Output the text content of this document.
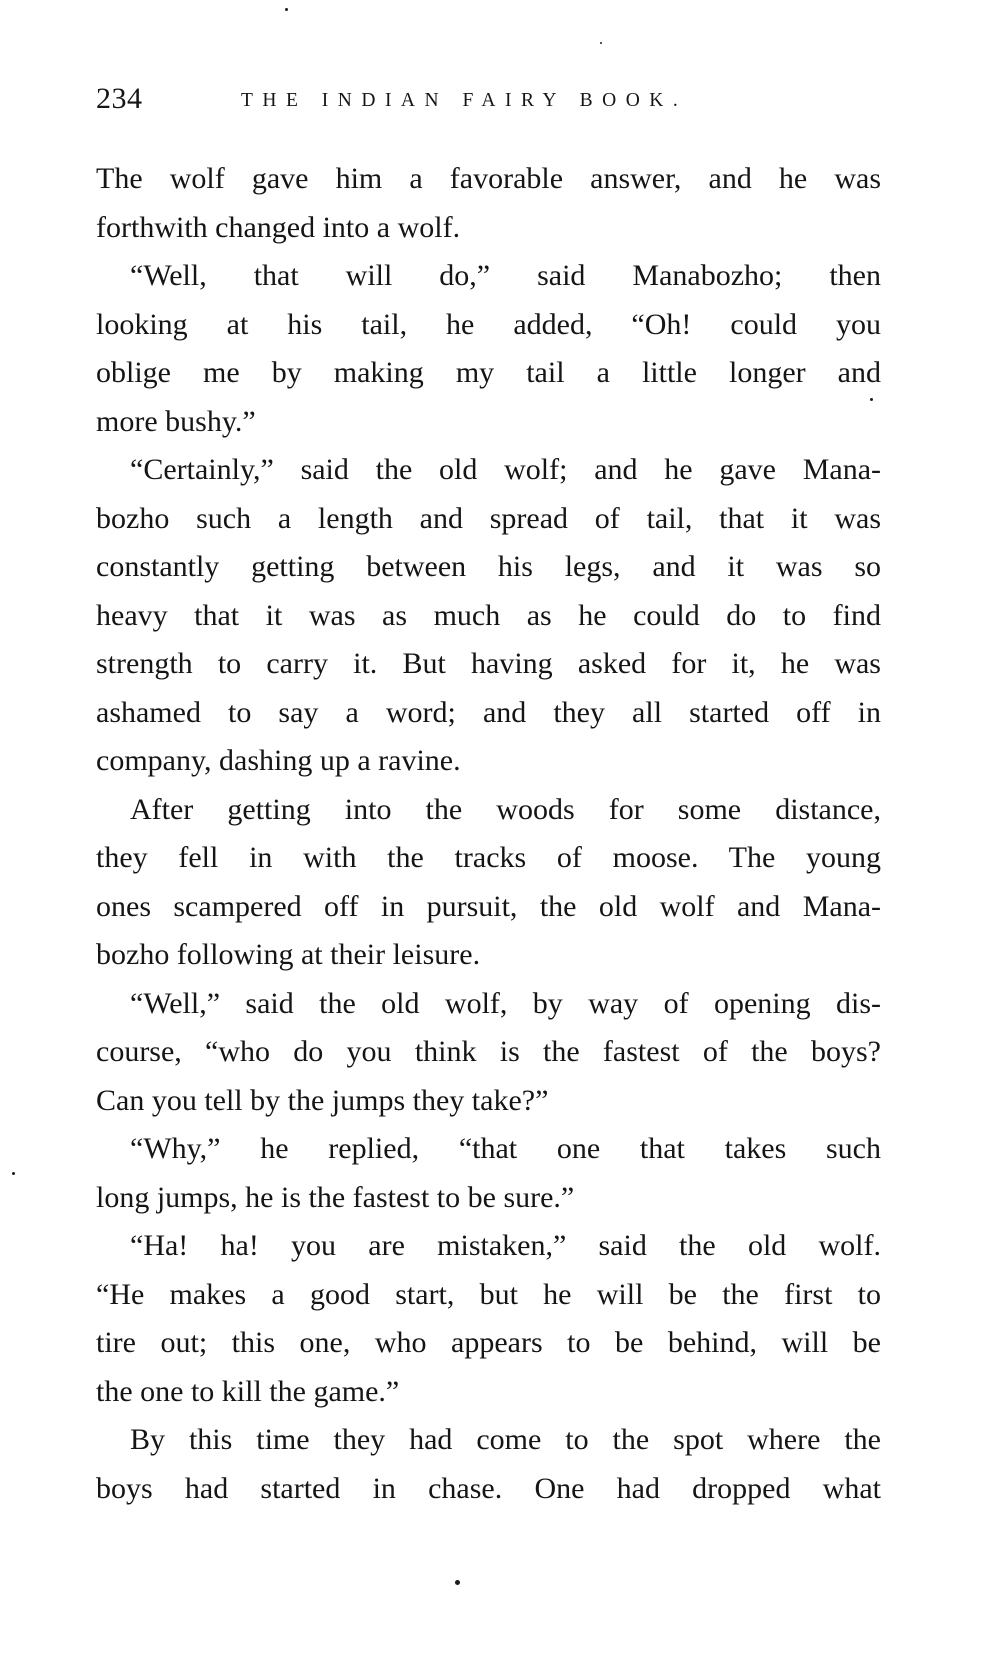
234	THE INDIAN FAIRY BOOK.
The wolf gave him a favorable answer, and he was
forthwith changed into a wolf.
“Well, that will do,” said Manabozho; then
looking at his tail, he added, “Oh! could you
oblige me by making my tail a little longer and
more bushy.”
“Certainly,” said the old wolf; and he gave Mana-
bozho such a length and spread of tail, that it was
constantly getting between his legs, and it was so
heavy that it was as much as he could do to find
strength to carry it. But having asked for it, he was
ashamed to say a word; and they all started off in
company, dashing up a ravine.
After getting into the woods for some distance,
they fell in with the tracks of moose. The young
ones scampered off in pursuit, the old wolf and Mana-
bozho following at their leisure.
“Well,” said the old wolf, by way of opening dis-
course, “who do you think is the fastest of the boys?
Can you tell by the jumps they take?”
“Why,” he replied, “that one that takes such
long jumps, he is the fastest to be sure.”
“Ha! ha! you are mistaken,” said the old wolf.
“He makes a good start, but he will be the first to
tire out; this one, who appears to be behind, will be
the one to kill the game.”
By this time they had come to the spot where the
boys had started in chase. One had dropped what
